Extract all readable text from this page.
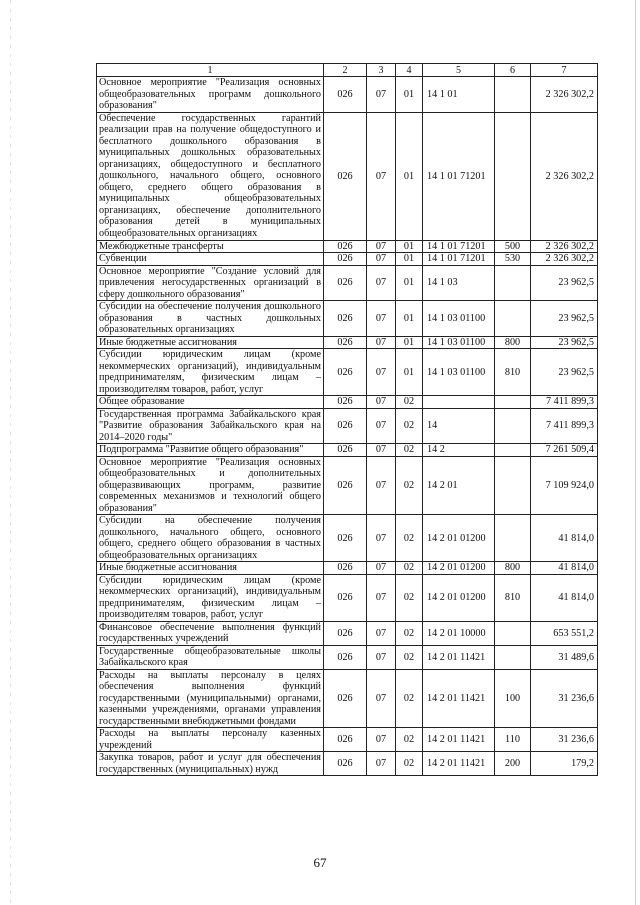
1	2	3	4	5	6	7
Основное мероприятие "Реализация основных общеобразовательных программ дошкольного образования"	026	07	01	14 1 01		2 326 302,2
Обеспечение государственных гарантий реализации прав на получение общедоступного и бесплатного дошкольного образования в муниципальных дошкольных образовательных организациях, общедоступного и бесплатного дошкольного, начального общего, основного общего, среднего общего образования в муниципальных общеобразовательных организациях, обеспечение дополнительного образования детей в муниципальных общеобразовательных организациях	026	07	01	14 1 01 71201		2 326 302,2
Межбюджетные трансферты	026	07	01	14 1 01 71201	500	2 326 302,2
Субвенции	026	07	01	14 1 01 71201	530	2 326 302,2
Основное мероприятие "Создание условий для привлечения негосударственных организаций в сферу дошкольного образования"	026	07	01	14 1 03		23 962,5
Субсидии на обеспечение получения дошкольного образования в частных дошкольных образовательных организациях	026	07	01	14 1 03 01100		23 962,5
Иные бюджетные ассигнования	026	07	01	14 1 03 01100	800	23 962,5
Субсидии юридическим лицам (кроме некоммерческих организаций), индивидуальным предпринимателям, физическим лицам – производителям товаров, работ, услуг	026	07	01	14 1 03 01100	810	23 962,5
Общее образование	026	07	02			7 411 899,3
Государственная программа Забайкальского края "Развитие образования Забайкальского края на 2014–2020 годы"	026	07	02	14		7 411 899,3
Подпрограмма "Развитие общего образования"	026	07	02	14 2		7 261 509,4
Основное мероприятие "Реализация основных общеобразовательных и дополнительных общеразвивающих программ, развитие современных механизмов и технологий общего образования"	026	07	02	14 2 01		7 109 924,0
Субсидии на обеспечение получения дошкольного, начального общего, основного общего, среднего общего образования в частных общеобразовательных организациях	026	07	02	14 2 01 01200		41 814,0
Иные бюджетные ассигнования	026	07	02	14 2 01 01200	800	41 814,0
Субсидии юридическим лицам (кроме некоммерческих организаций), индивидуальным предпринимателям, физическим лицам – производителям товаров, работ, услуг	026	07	02	14 2 01 01200	810	41 814,0
Финансовое обеспечение выполнения функций государственных учреждений	026	07	02	14 2 01 10000		653 551,2
Государственные общеобразовательные школы Забайкальского края	026	07	02	14 2 01 11421		31 489,6
Расходы на выплаты персоналу в целях обеспечения выполнения функций государственными (муниципальными) органами, казенными учреждениями, органами управления государственными внебюджетными фондами	026	07	02	14 2 01 11421	100	31 236,6
Расходы на выплаты персоналу казенных учреждений	026	07	02	14 2 01 11421	110	31 236,6
Закупка товаров, работ и услуг для обеспечения государственных (муниципальных) нужд	026	07	02	14 2 01 11421	200	179,2
67
